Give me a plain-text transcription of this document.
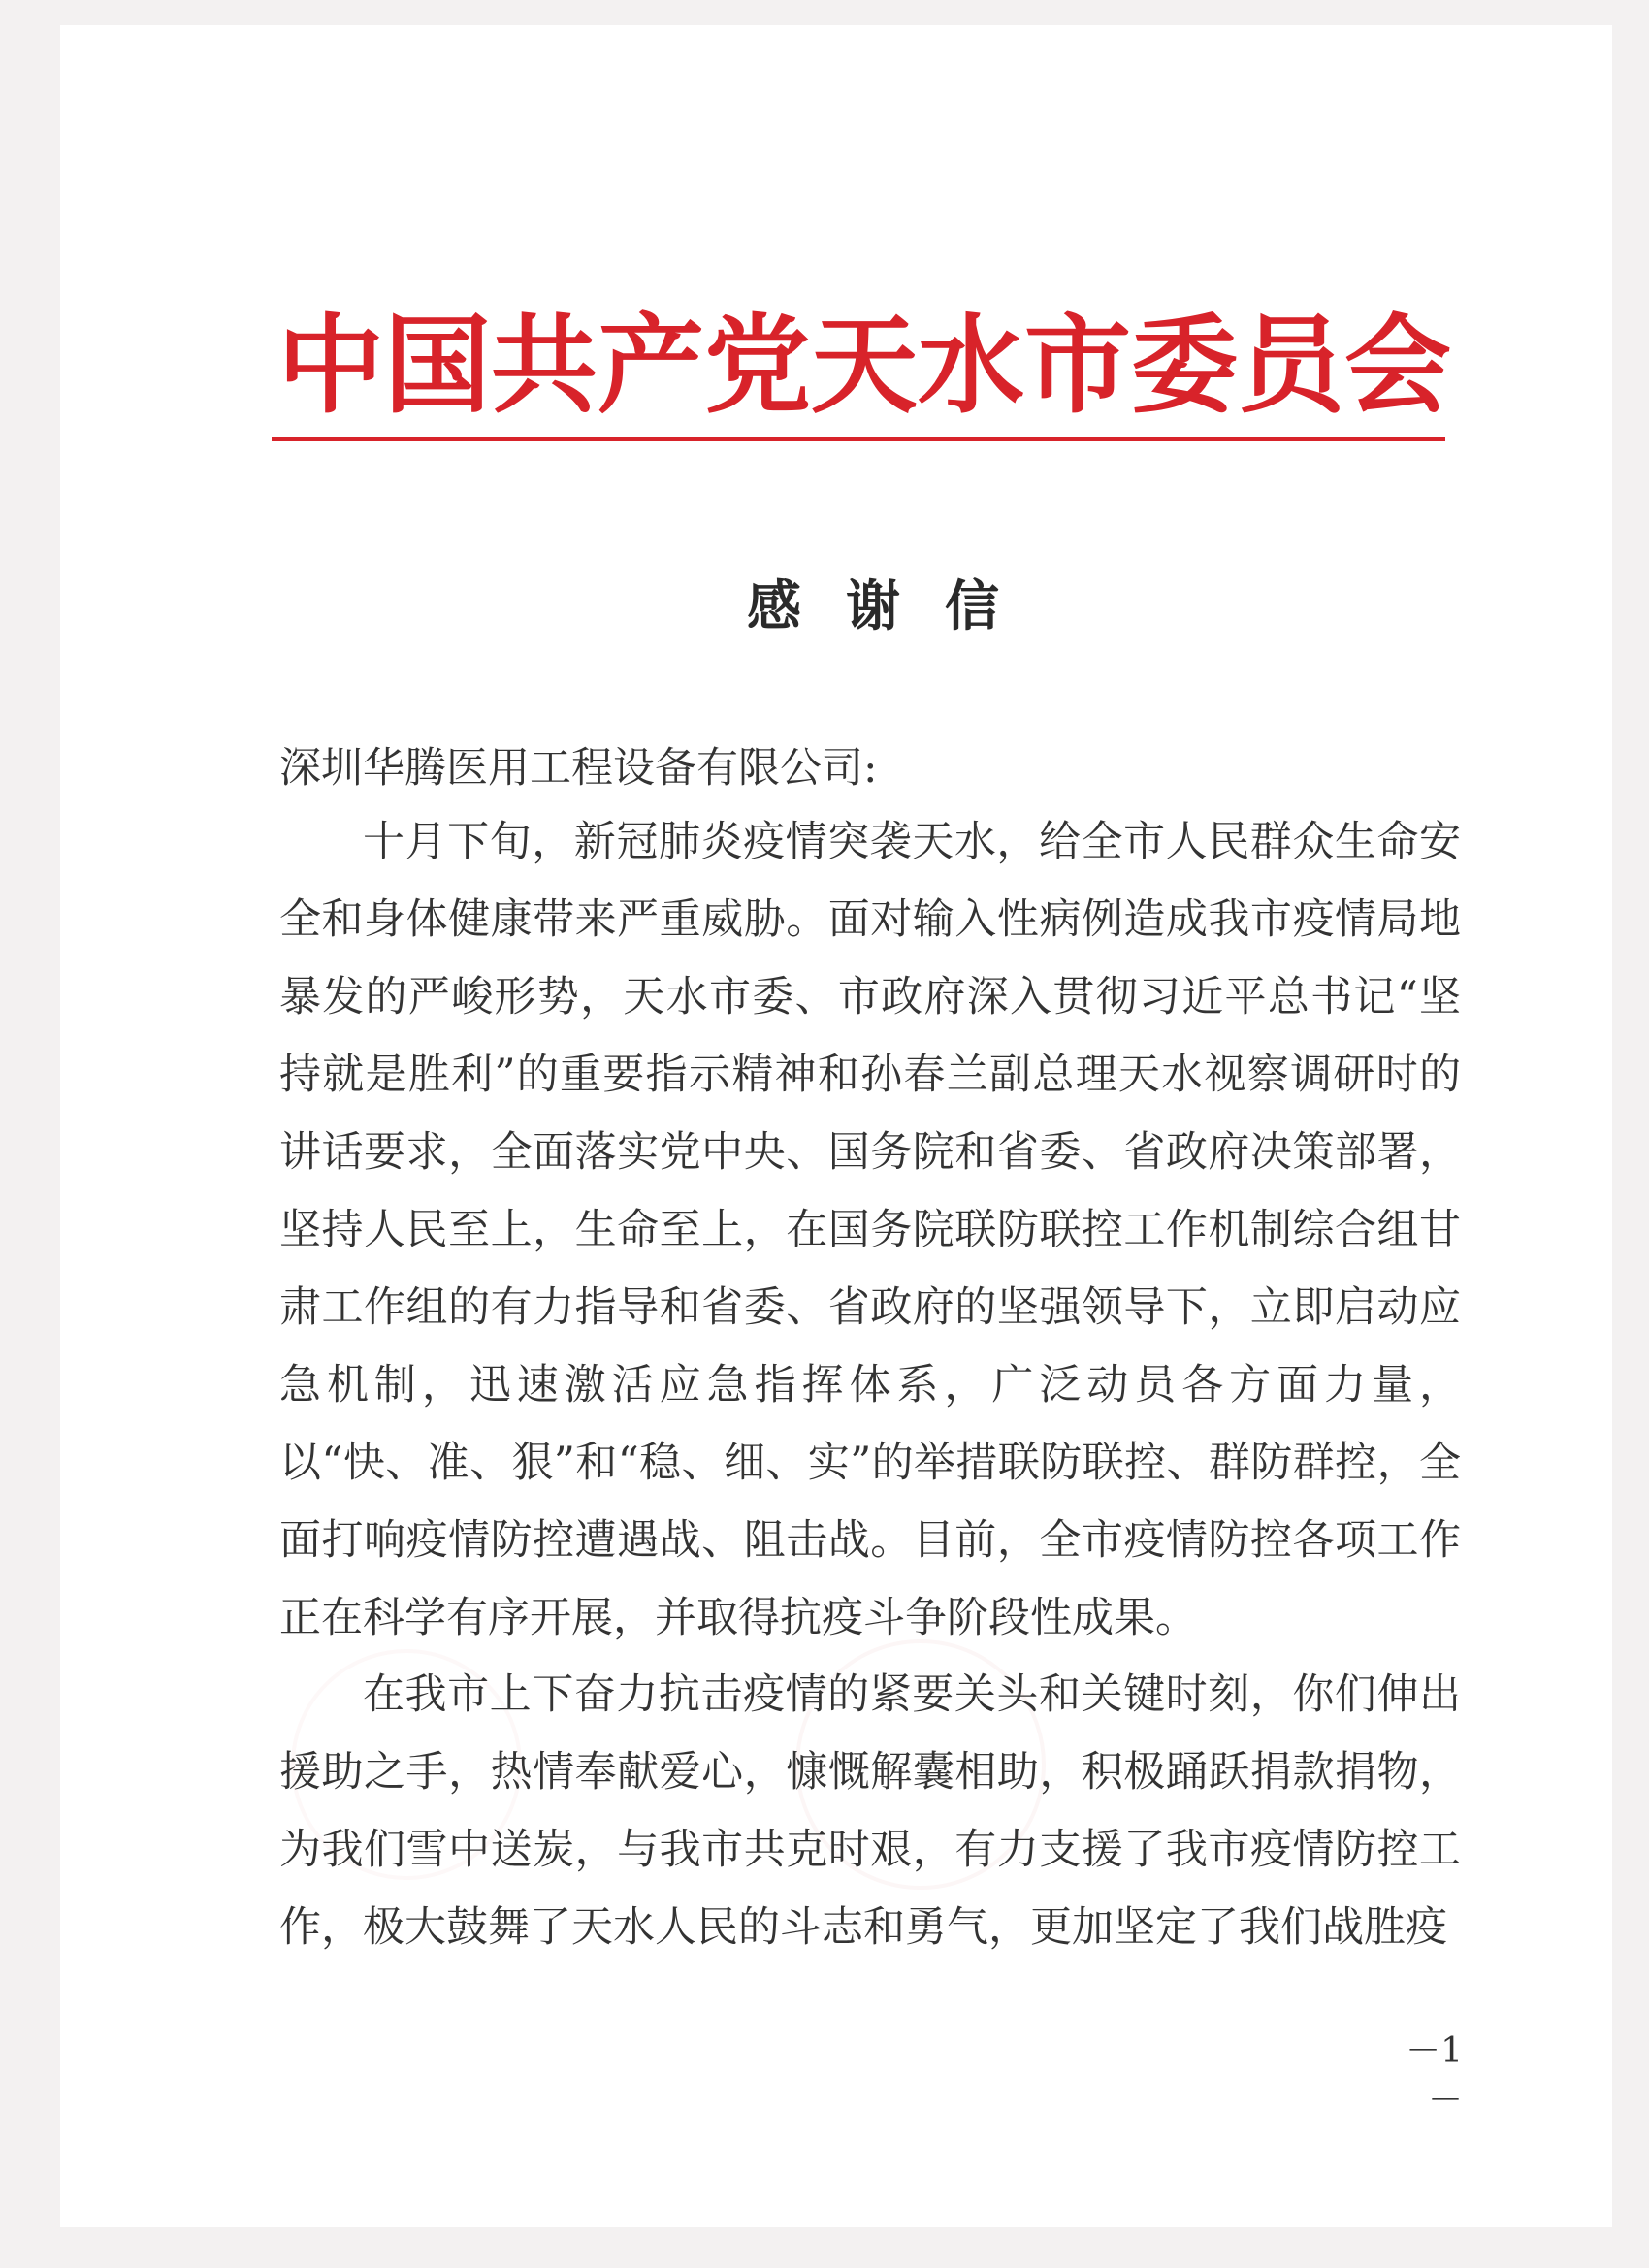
中国共产党天水市委员会
感谢信

深圳华腾医用工程设备有限公司:

十月下旬，新冠肺炎疫情突袭天水，给全市人民群众生命安全和身体健康带来严重威胁。面对输入性病例造成我市疫情局地暴发的严峻形势，天水市委、市政府深入贯彻习近平总书记“坚持就是胜利”的重要指示精神和孙春兰副总理天水视察调研时的讲话要求，全面落实党中央、国务院和省委、省政府决策部署，坚持人民至上，生命至上，在国务院联防联控工作机制综合组甘肃工作组的有力指导和省委、省政府的坚强领导下，立即启动应急机制，迅速激活应急指挥体系，广泛动员各方面力量，以“快、准、狠”和“稳、细、实”的举措联防联控、群防群控，全面打响疫情防控遭遇战、阻击战。目前，全市疫情防控各项工作正在科学有序开展，并取得抗疫斗争阶段性成果。

在我市上下奋力抗击疫情的紧要关头和关键时刻，你们伸出援助之手，热情奉献爱心，慷慨解囊相助，积极踊跃捐款捐物，为我们雪中送炭，与我市共克时艰，有力支援了我市疫情防控工作，极大鼓舞了天水人民的斗志和勇气，更加坚定了我们战胜疫

－1－
